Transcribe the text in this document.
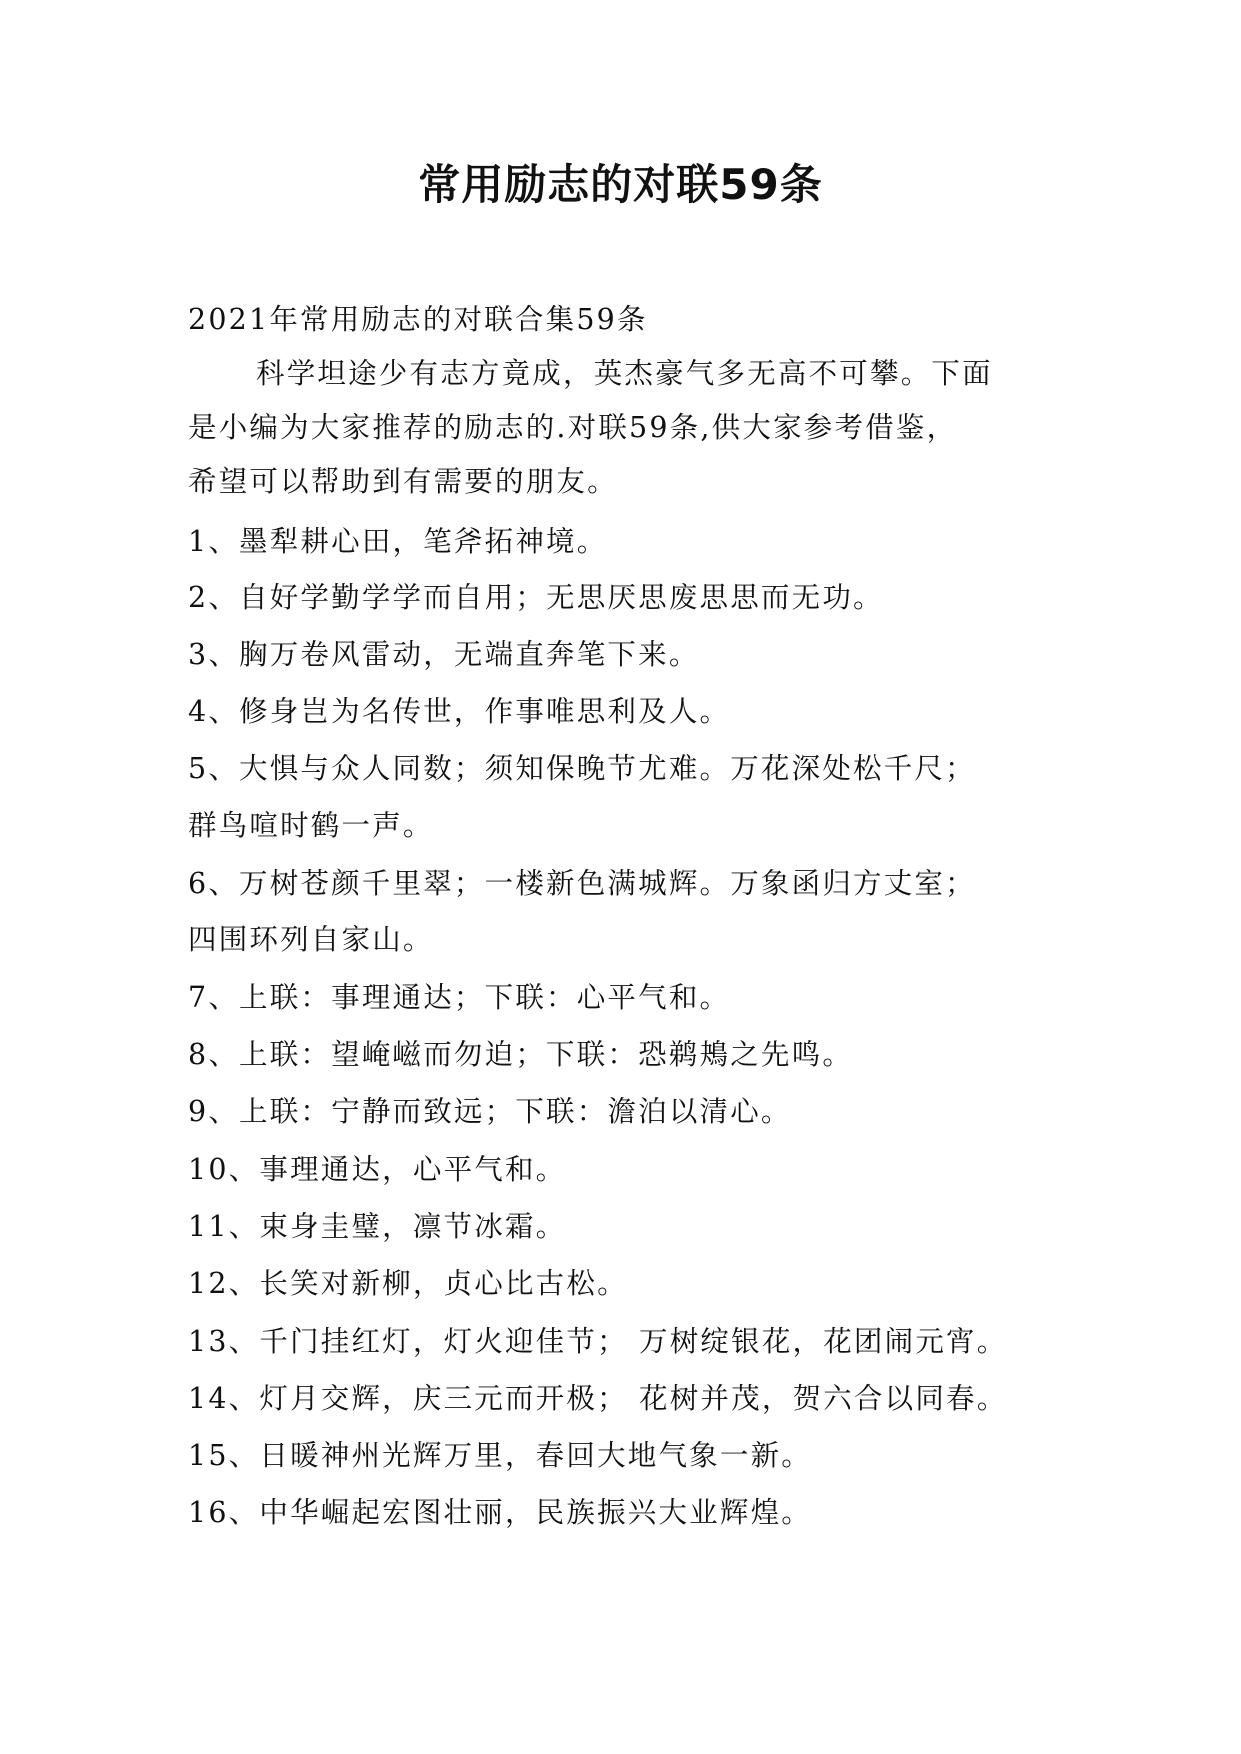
常用励志的对联59条
2021年常用励志的对联合集59条
科学坦途少有志方竟成，英杰豪气多无高不可攀。下面
是小编为大家推荐的励志的.对联59条,供大家参考借鉴，
希望可以帮助到有需要的朋友。
1、墨犁耕心田，笔斧拓神境。
2、自好学勤学学而自用；无思厌思废思思而无功。
3、胸万卷风雷动，无端直奔笔下来。
4、修身岂为名传世，作事唯思利及人。
5、大惧与众人同数；须知保晚节尤难。万花深处松千尺；
群鸟喧时鹤一声。
6、万树苍颜千里翠；一楼新色满城辉。万象函归方丈室；
四围环列自家山。
7、上联：事理通达；下联：心平气和。
8、上联：望崦嵫而勿迫；下联：恐鹈鴂之先鸣。
9、上联：宁静而致远；下联：澹泊以清心。
10、事理通达，心平气和。
11、束身圭璧，凛节冰霜。
12、长笑对新柳，贞心比古松。
13、千门挂红灯，灯火迎佳节； 万树绽银花，花团闹元宵。
14、灯月交辉，庆三元而开极； 花树并茂，贺六合以同春。
15、日暖神州光辉万里，春回大地气象一新。
16、中华崛起宏图壮丽，民族振兴大业辉煌。
